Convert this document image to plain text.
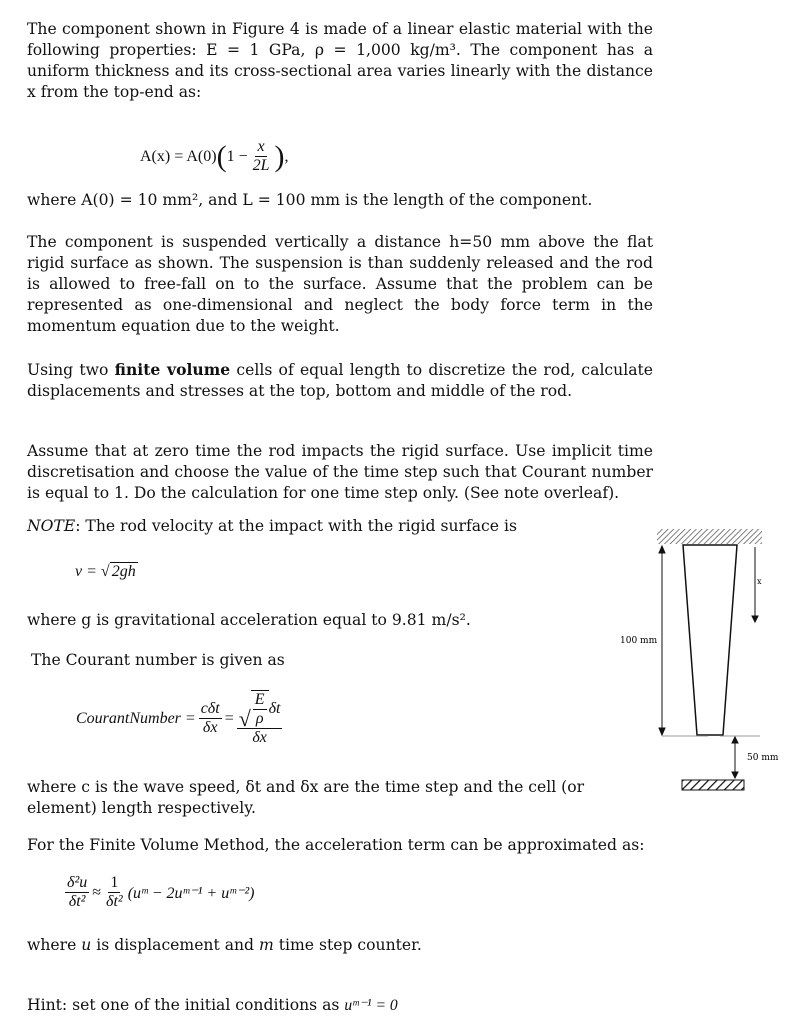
The component shown in Figure 4 is made of a linear elastic material with the following properties: E = 1 GPa, ρ = 1,000 kg/m³. The component has a uniform thickness and its cross-sectional area varies linearly with the distance x from the top-end as:
A(x) = A(0) ( $1 - \frac{x}{2L}$ ) ,
where A(0) = 10 mm², and L = 100 mm is the length of the component.
The component is suspended vertically a distance h=50 mm above the flat rigid surface as shown. The suspension is than suddenly released and the rod is allowed to free-fall on to the surface. Assume that the problem can be represented as one-dimensional and neglect the body force term in the momentum equation due to the weight.
Using two finite volume cells of equal length to discretize the rod, calculate displacements and stresses at the top, bottom and middle of the rod.
Assume that at zero time the rod impacts the rigid surface. Use implicit time discretisation and choose the value of the time step such that Courant number is equal to 1. Do the calculation for one time step only. (See note overleaf).
NOTE: The rod velocity at the impact with the rigid surface is
v = √ 2gh
where g is gravitational acceleration equal to 9.81 m/s².
The Courant number is given as
CourantNumber = $\frac{\text{cδt}}{\delta x} = \frac{√ \frac{E}{\rho} \delta t}{\delta x}$
where c is the wave speed, δt and δx are the time step and the cell (or element) length respectively.
For the Finite Volume Method, the acceleration term can be approximated as:
$\frac{\text{δ²u}}{\text{δt²}} \approx \frac{1}{\text{δt²}}$ (uᵐ − 2uᵐ⁻¹ + uᵐ⁻²)
where u is displacement and m time step counter.
Hint: set one of the initial conditions as uᵐ⁻¹ = 0
100 mm
x
50 mm
